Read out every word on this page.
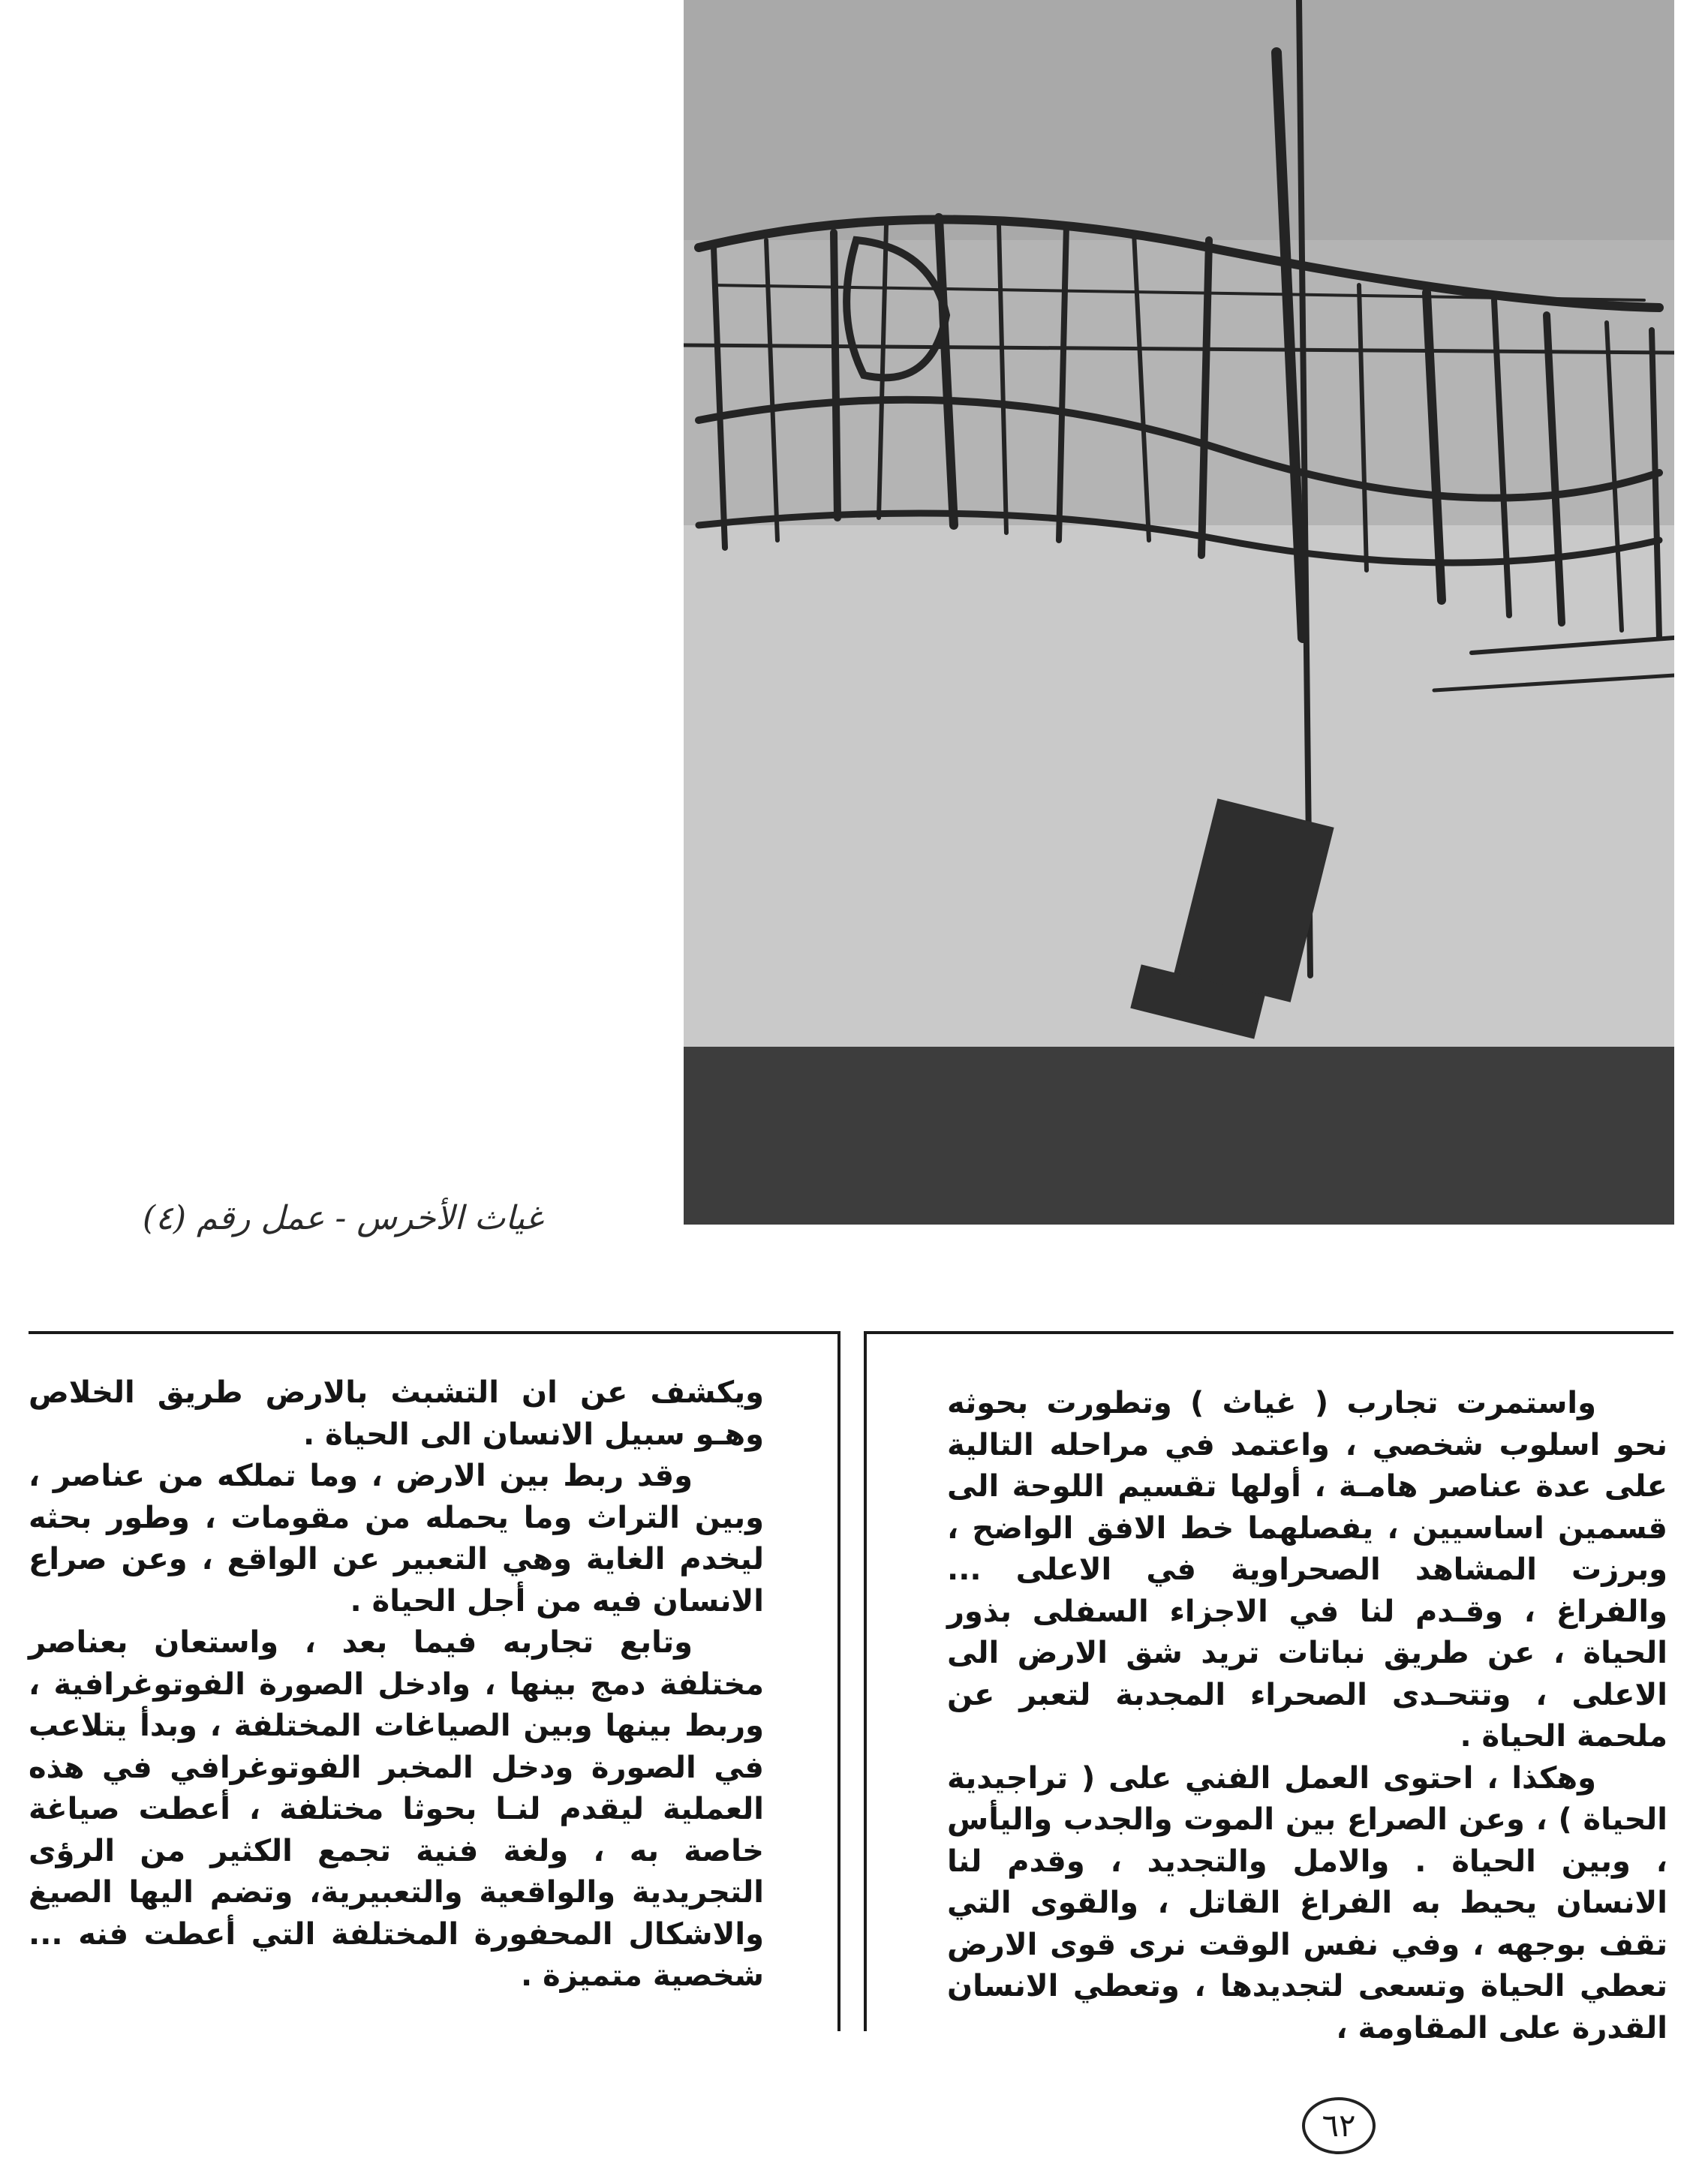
غياث الأخرس - عمل رقم (٤)

واستمرت تجارب ( غياث ) وتطورت بحوثه نحو اسلوب شخصي ، واعتمد في مراحله التالية على عدة عناصر هامـة ، أولها تقسيم اللوحة الى قسمين اساسيين ، يفصلهما خط الافق الواضح ، وبرزت المشاهد الصحراوية في الاعلى ... والفراغ ، وقـدم لنا في الاجزاء السفلى بذور الحياة ، عن طريق نباتات تريد شق الارض الى الاعلى ، وتتحـدى الصحراء المجدبة لتعبر عن ملحمة الحياة .

وهكذا ، احتوى العمل الفني على ( تراجيدية الحياة ) ، وعن الصراع بين الموت والجدب واليأس ، وبين الحياة . والامل والتجديد ، وقدم لنا الانسان يحيط به الفراغ القاتل ، والقوى التي تقف بوجهه ، وفي نفس الوقت نرى قوى الارض تعطي الحياة وتسعى لتجديدها ، وتعطي الانسان القدرة على المقاومة ،

ويكشف عن ان التشبث بالارض طريق الخلاص وهـو سبيل الانسان الى الحياة .

وقد ربط بين الارض ، وما تملكه من عناصر ، وبين التراث وما يحمله من مقومات ، وطور بحثه ليخدم الغاية وهي التعبير عن الواقع ، وعن صراع الانسان فيه من أجل الحياة .

وتابع تجاربه فيما بعد ، واستعان بعناصر مختلفة دمج بينها ، وادخل الصورة الفوتوغرافية ، وربط بينها وبين الصياغات المختلفة ، وبدأ يتلاعب في الصورة ودخل المخبر الفوتوغرافي في هذه العملية ليقدم لنـا بحوثا مختلفة ، أعطت صياغة خاصة به ، ولغة فنية تجمع الكثير من الرؤى التجريدية والواقعية والتعبيرية، وتضم اليها الصيغ والاشكال المحفورة المختلفة التي أعطت فنه ... شخصية متميزة .

٦٢
